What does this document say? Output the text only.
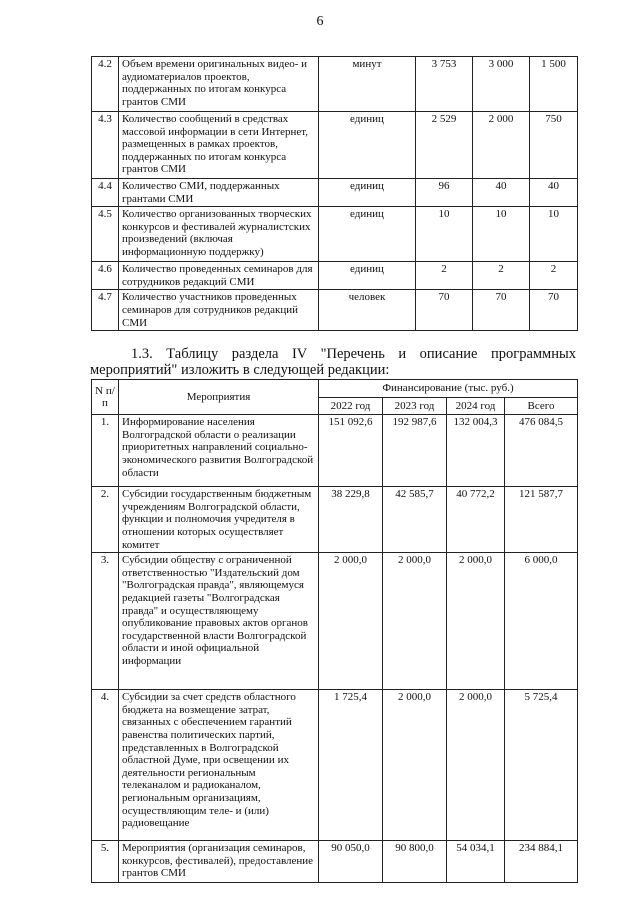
6
4.2	Объем времени оригинальных видео- и аудиоматериалов проектов, поддержанных по итогам конкурса грантов СМИ	минут	3 753	3 000	1 500
4.3	Количество сообщений в средствах массовой информации в сети Интернет, размещенных в рамках проектов, поддержанных по итогам конкурса грантов СМИ	единиц	2 529	2 000	750
4.4	Количество СМИ, поддержанных грантами СМИ	единиц	96	40	40
4.5	Количество организованных творческих конкурсов и фестивалей журналистских произведений (включая информационную поддержку)	единиц	10	10	10
4.6	Количество проведенных семинаров для сотрудников редакций СМИ	единиц	2	2	2
4.7	Количество участников проведенных семинаров для сотрудников редакций СМИ	человек	70	70	70
1.3. Таблицу раздела IV "Перечень и описание программных мероприятий" изложить в следующей редакции:
N п/п	Мероприятия	Финансирование (тыс. руб.)			
		2022 год	2023 год	2024 год	Всего
1.	Информирование населения Волгоградской области о реализации приоритетных направлений социально-экономического развития Волгоградской области	151 092,6	192 987,6	132 004,3	476 084,5
2.	Субсидии государственным бюджетным учреждениям Волгоградской области, функции и полномочия учредителя в отношении которых осуществляет комитет	38 229,8	42 585,7	40 772,2	121 587,7
3.	Субсидии обществу с ограниченной ответственностью "Издательский дом "Волгоградская правда", являющемуся редакцией газеты "Волгоградская правда" и осуществляющему опубликование правовых актов органов государственной власти Волгоградской области и иной официальной информации	2 000,0	2 000,0	2 000,0	6 000,0
4.	Субсидии за счет средств областного бюджета на возмещение затрат, связанных с обеспечением гарантий равенства политических партий, представленных в Волгоградской областной Думе, при освещении их деятельности региональным телеканалом и радиоканалом, региональным организациям, осуществляющим теле- и (или) радиовещание	1 725,4	2 000,0	2 000,0	5 725,4
5.	Мероприятия (организация семинаров, конкурсов, фестивалей), предоставление грантов СМИ	90 050,0	90 800,0	54 034,1	234 884,1
